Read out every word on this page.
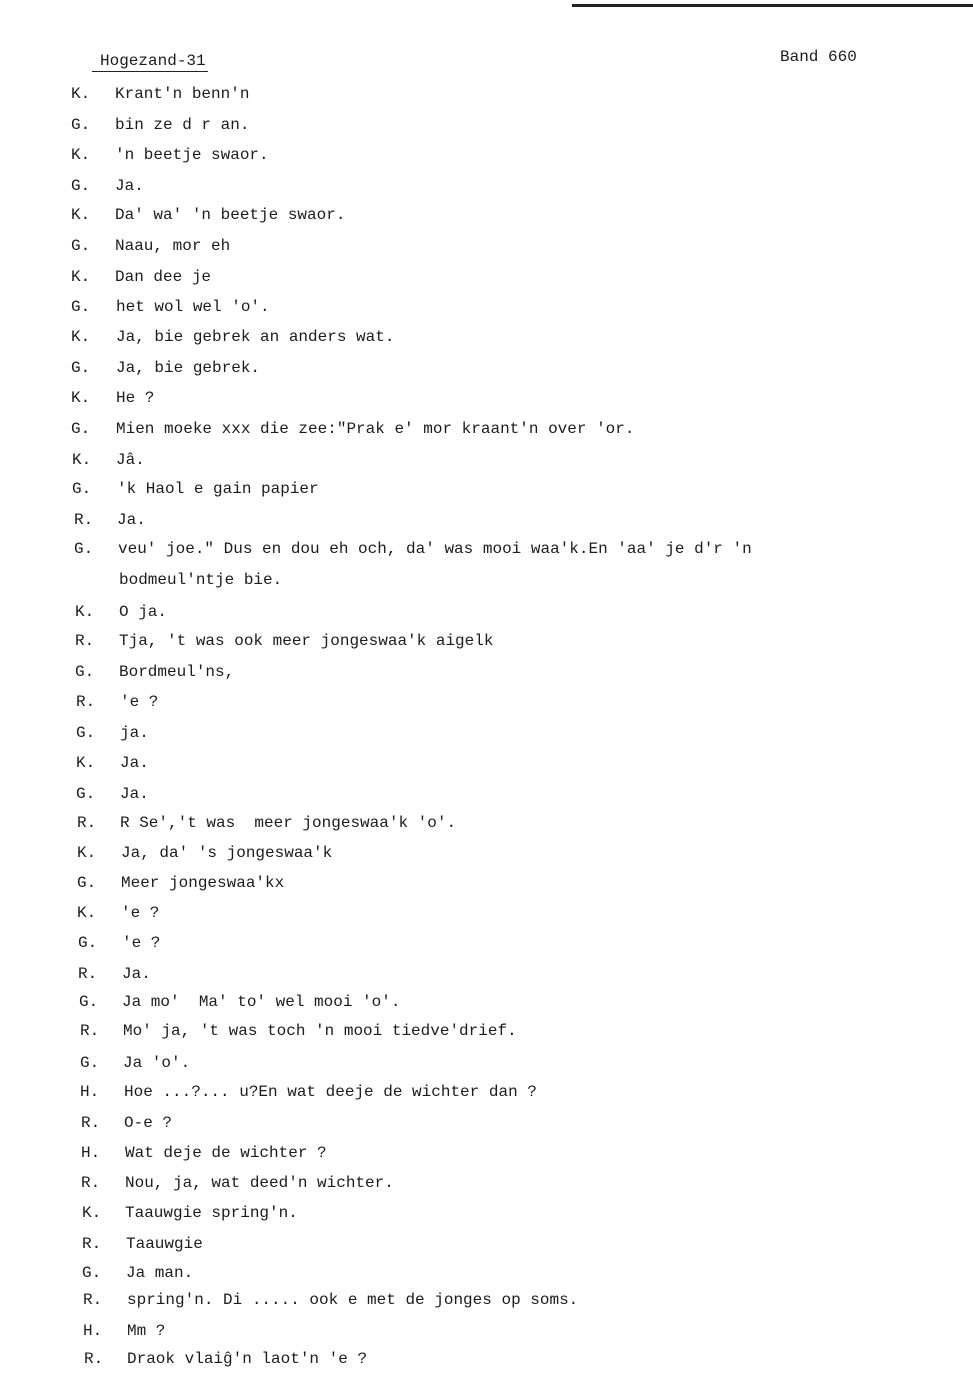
Hogezand-31	Band 660
K. Krant'n benn'n
G. bin ze d r an.
K. 'n beetje swaor.
G. Ja.
K. Da' wa' 'n beetje swaor.
G. Naau, mor eh
K. Dan dee je
G. het wol wel 'o'.
K. Ja, bie gebrek an anders wat.
G. Ja, bie gebrek.
K. He ?
G. Mien moeke xxx die zee:"Prak e' mor kraant'n over 'or.
K. Jâ.
G. 'k Haol e gain papier
R. Ja.
G. veu' joe." Dus en dou eh och, da' was mooi waa'k.En 'aa' je d'r 'n
bodmeul'ntje bie.
K. O ja.
R. Tja, 't was ook meer jongeswaa'k aigelk
G. Bordmeul'ns,
R. 'e ?
G. ja.
K. Ja.
G. Ja.
R. R Se','t was  meer jongeswaa'k 'o'.
K. Ja, da' 's jongeswaa'k
G. Meer jongeswaa'kx
K. 'e ?
G. 'e ?
R. Ja.
G. Ja mo'  Ma' to' wel mooi 'o'.
R. Mo' ja, 't was toch 'n mooi tiedve'drief.
G. Ja 'o'.
H. Hoe ...?... u?En wat deeje de wichter dan ?
R. O-e ?
H. Wat deje de wichter ?
R. Nou, ja, wat deed'n wichter.
K. Taauwgie spring'n.
R. Taauwgie
G. Ja man.
R. spring'n. Di ..... ook e met de jonges op soms.
H. Mm ?
R. Draok vlaiĝ'n laot'n 'e ?
